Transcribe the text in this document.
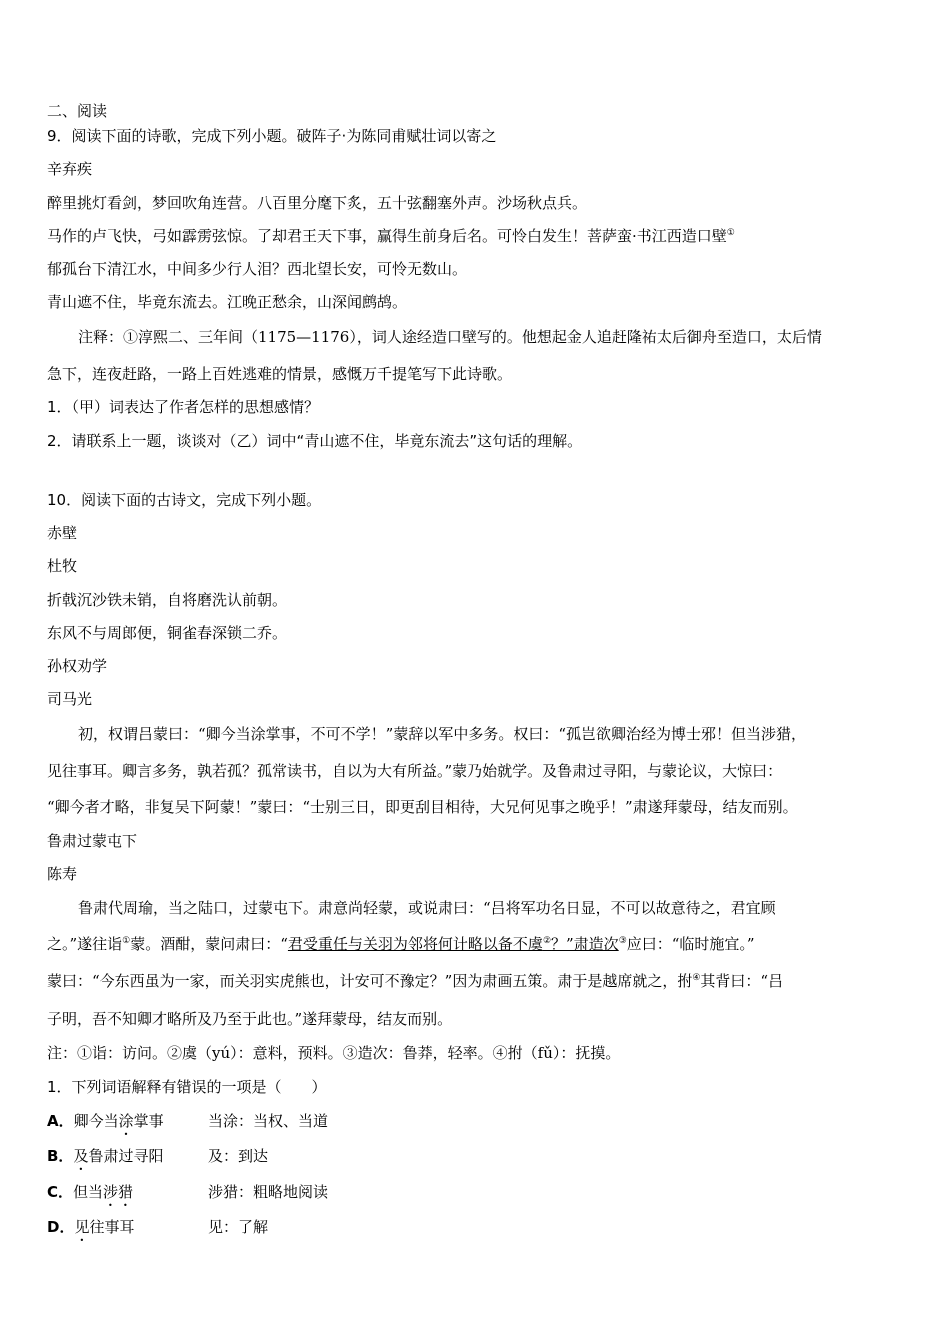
二、阅读
9．阅读下面的诗歌，完成下列小题。破阵子·为陈同甫赋壮词以寄之
辛弃疾
醉里挑灯看剑，梦回吹角连营。八百里分麾下炙，五十弦翻塞外声。沙场秋点兵。
马作的卢飞快，弓如霹雳弦惊。了却君王天下事，赢得生前身后名。可怜白发生！菩萨蛮·书江西造口壁①
郁孤台下清江水，中间多少行人泪？西北望长安，可怜无数山。
青山遮不住，毕竟东流去。江晚正愁余，山深闻鹧鸪。
注释：①淳熙二、三年间（1175—1176），词人途经造口壁写的。他想起金人追赶隆祐太后御舟至造口，太后情
急下，连夜赶路，一路上百姓逃难的情景，感慨万千提笔写下此诗歌。
1．（甲）词表达了作者怎样的思想感情？
2．请联系上一题，谈谈对（乙）词中“青山遮不住，毕竟东流去”这句话的理解。
10．阅读下面的古诗文，完成下列小题。
赤壁
杜牧
折戟沉沙铁未销，自将磨洗认前朝。
东风不与周郎便，铜雀春深锁二乔。
孙权劝学
司马光
初，权谓吕蒙曰：“卿今当涂掌事，不可不学！”蒙辞以军中多务。权曰：“孤岂欲卿治经为博士邪！但当涉猎，
见往事耳。卿言多务，孰若孤？孤常读书，自以为大有所益。”蒙乃始就学。及鲁肃过寻阳，与蒙论议，大惊曰：
“卿今者才略，非复吴下阿蒙！”蒙曰：“士别三日，即更刮目相待，大兄何见事之晚乎！”肃遂拜蒙母，结友而别。
鲁肃过蒙屯下
陈寿
鲁肃代周瑜，当之陆口，过蒙屯下。肃意尚轻蒙，或说肃曰：“吕将军功名日显，不可以故意待之，君宜顾
之。”遂往诣①蒙。酒酣，蒙问肃曰：“君受重任与关羽为邻将何计略以备不虞②？”肃造次③应曰：“临时施宜。”
蒙曰：“今东西虽为一家，而关羽实虎熊也，计安可不豫定？”因为肃画五策。肃于是越席就之，拊④其背曰：“吕
子明，吾不知卿才略所及乃至于此也。”遂拜蒙母，结友而别。
注：①诣：访问。②虞（yú）：意料，预料。③造次：鲁莽，轻率。④拊（fǔ）：抚摸。
1．下列词语解释有错误的一项是（　　）
A．卿今当涂掌事	当涂：当权、当道
B．及鲁肃过寻阳	及：到达
C．但当涉猎	涉猎：粗略地阅读
D．见往事耳	见：了解
